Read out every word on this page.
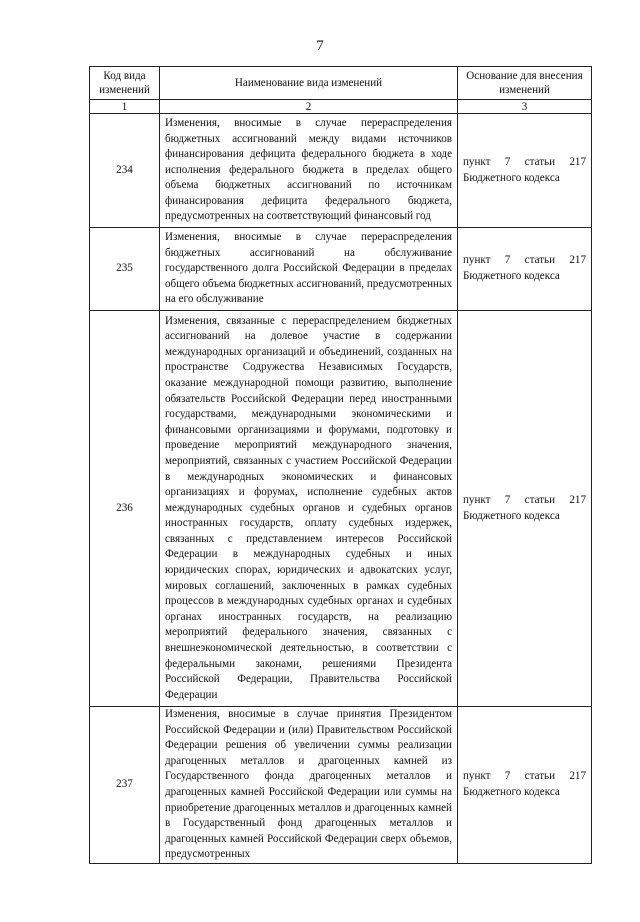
7
Код вида изменений	Наименование вида изменений	Основание для внесения изменений
1	2	3
234	Изменения, вносимые в случае перераспределения бюджетных ассигнований между видами источников финансирования дефицита федерального бюджета в ходе исполнения федерального бюджета в пределах общего объема бюджетных ассигнований по источникам финансирования дефицита федерального бюджета, предусмотренных на соответствующий финансовый год	пункт 7 статьи 217
Бюджетного кодекса
235	Изменения, вносимые в случае перераспределения бюджетных ассигнований на обслуживание государственного долга Российской Федерации в пределах общего объема бюджетных ассигнований, предусмотренных на его обслуживание	пункт 7 статьи 217
Бюджетного кодекса
236	Изменения, связанные с перераспределением бюджетных ассигнований на долевое участие в содержании международных организаций и объединений, созданных на пространстве Содружества Независимых Государств, оказание международной помощи развитию, выполнение обязательств Российской Федерации перед иностранными государствами, международными экономическими и финансовыми организациями и форумами, подготовку и проведение мероприятий международного значения, мероприятий, связанных с участием Российской Федерации в международных экономических и финансовых организациях и форумах, исполнение судебных актов международных судебных органов и судебных органов иностранных государств, оплату судебных издержек, связанных с представлением интересов Российской Федерации в международных судебных и иных юридических спорах, юридических и адвокатских услуг, мировых соглашений, заключенных в рамках судебных процессов в международных судебных органах и судебных органах иностранных государств, на реализацию мероприятий федерального значения, связанных с внешнеэкономической деятельностью, в соответствии с федеральными законами, решениями Президента Российской Федерации, Правительства Российской Федерации	пункт 7 статьи 217
Бюджетного кодекса
237	Изменения, вносимые в случае принятия Президентом Российской Федерации и (или) Правительством Российской Федерации решения об увеличении суммы реализации драгоценных металлов и драгоценных камней из Государственного фонда драгоценных металлов и драгоценных камней Российской Федерации или суммы на приобретение драгоценных металлов и драгоценных камней в Государственный фонд драгоценных металлов и драгоценных камней Российской Федерации сверх объемов, предусмотренных	пункт 7 статьи 217
Бюджетного кодекса
